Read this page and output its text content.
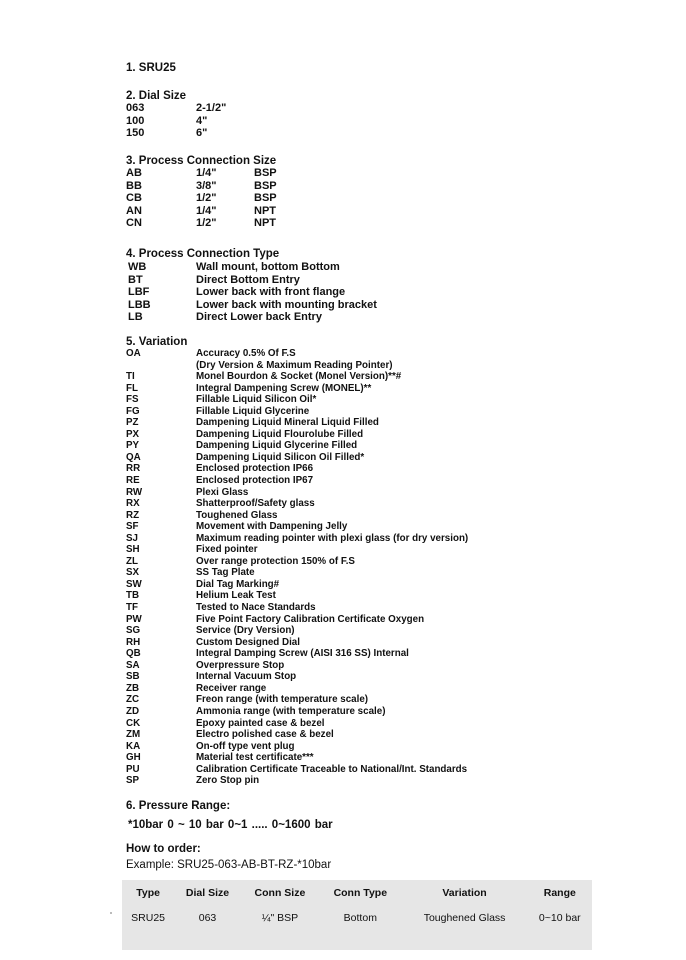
1. SRU25
2. Dial Size
063	2-1/2"
100	4"
150	6"
3. Process Connection Size
AB	1/4"	BSP
BB	3/8"	BSP
CB	1/2"	BSP
AN	1/4"	NPT
CN	1/2"	NPT
4. Process Connection Type
WB	Wall mount, bottom Bottom
BT	Direct Bottom Entry
LBF	Lower back with front flange
LBB	Lower back with mounting bracket
LB	Direct Lower back Entry
5. Variation
OA	Accuracy 0.5% Of F.S
(Dry Version & Maximum Reading Pointer)
TI	Monel Bourdon & Socket (Monel Version)**#
FL	Integral Dampening Screw (MONEL)**
FS	Fillable Liquid Silicon Oil*
FG	Fillable Liquid Glycerine
PZ	Dampening Liquid Mineral Liquid Filled
PX	Dampening Liquid Flourolube Filled
PY	Dampening Liquid Glycerine Filled
QA	Dampening Liquid Silicon Oil Filled*
RR	Enclosed protection IP66
RE	Enclosed protection IP67
RW	Plexi Glass
RX	Shatterproof/Safety glass
RZ	Toughened Glass
SF	Movement with Dampening Jelly
SJ	Maximum reading pointer with plexi glass (for dry version)
SH	Fixed pointer
ZL	Over range protection 150% of F.S
SX	SS Tag Plate
SW	Dial Tag Marking#
TB	Helium Leak Test
TF	Tested to Nace Standards
PW	Five Point Factory Calibration Certificate Oxygen
SG	Service (Dry Version)
RH	Custom Designed Dial
QB	Integral Damping Screw (AISI 316 SS) Internal
SA	Overpressure Stop
SB	Internal Vacuum Stop
ZB	Receiver range
ZC	Freon range (with temperature scale)
ZD	Ammonia range (with temperature scale)
CK	Epoxy painted case & bezel
ZM	Electro polished case & bezel
KA	On-off type vent plug
GH	Material test certificate***
PU	Calibration Certificate Traceable to National/Int. Standards
SP	Zero Stop pin
6. Pressure Range:
*10bar 0 ~ 10 bar 0~1 ..... 0~1600 bar
How to order:
Example: SRU25-063-AB-BT-RZ-*10bar
Type	Dial Size	Conn Size	Conn Type	Variation	Range
SRU25	063	¼" BSP	Bottom	Toughened Glass	0~10 bar
